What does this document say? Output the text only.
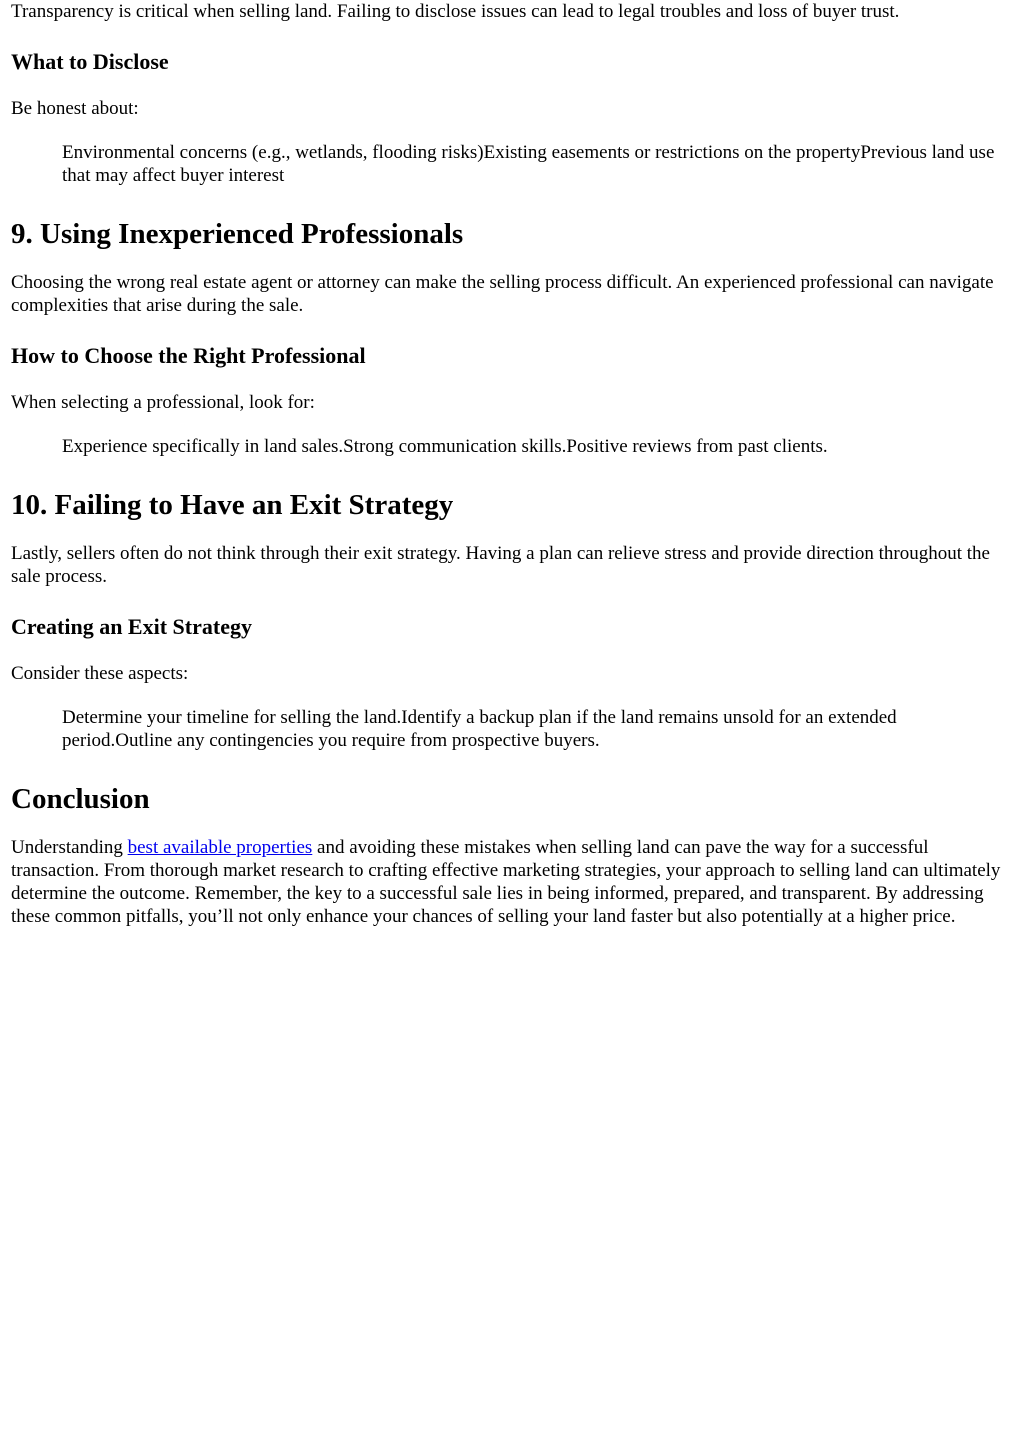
Transparency is critical when selling land. Failing to disclose issues can lead to legal troubles and loss of buyer trust.

What to Disclose

Be honest about:

Environmental concerns (e.g., wetlands, flooding risks)Existing easements or restrictions on the propertyPrevious land use that may affect buyer interest
9. Using Inexperienced Professionals

Choosing the wrong real estate agent or attorney can make the selling process difficult. An experienced professional can navigate complexities that arise during the sale.

How to Choose the Right Professional

When selecting a professional, look for:

Experience specifically in land sales.Strong communication skills.Positive reviews from past clients.
10. Failing to Have an Exit Strategy

Lastly, sellers often do not think through their exit strategy. Having a plan can relieve stress and provide direction throughout the sale process.

Creating an Exit Strategy

Consider these aspects:

Determine your timeline for selling the land.Identify a backup plan if the land remains unsold for an extended period.Outline any contingencies you require from prospective buyers.
Conclusion

Understanding best available properties and avoiding these mistakes when selling land can pave the way for a successful transaction. From thorough market research to crafting effective marketing strategies, your approach to selling land can ultimately determine the outcome. Remember, the key to a successful sale lies in being informed, prepared, and transparent. By addressing these common pitfalls, you’ll not only enhance your chances of selling your land faster but also potentially at a higher price.
